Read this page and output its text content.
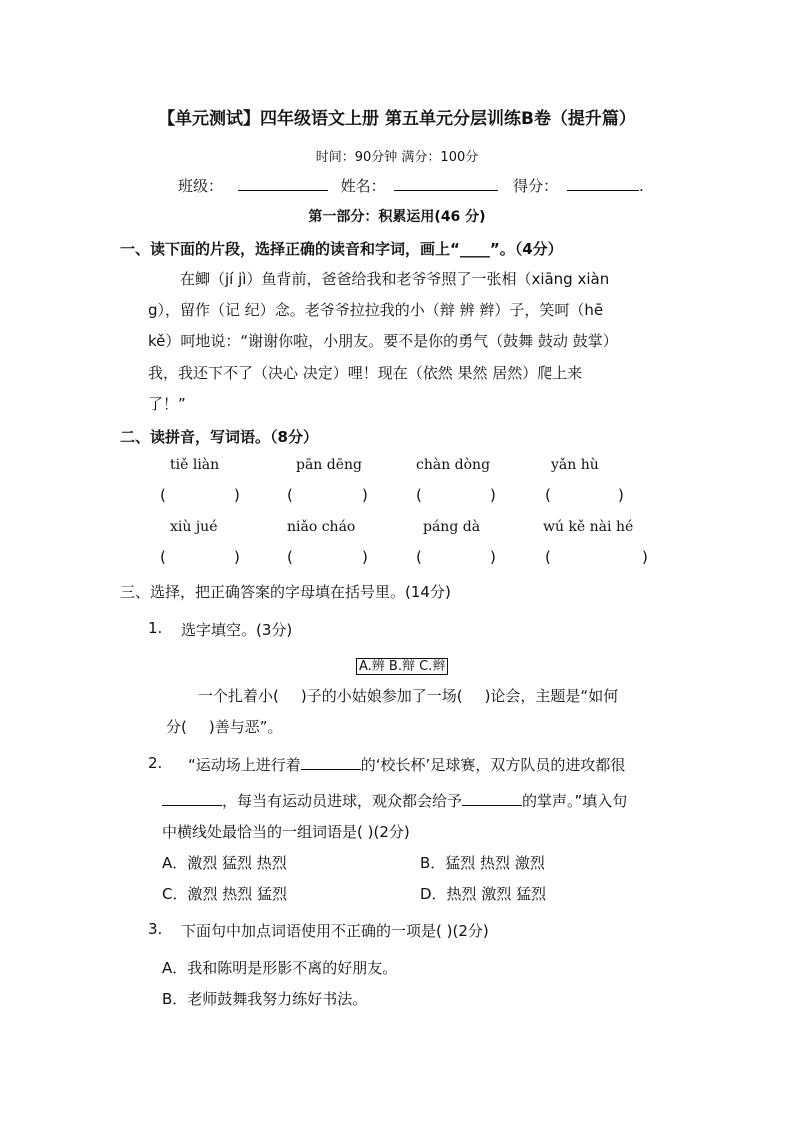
【单元测试】四年级语文上册 第五单元分层训练B卷（提升篇）
时间：90分钟 满分：100分
班级：	姓名：	得分：	.
第一部分：积累运用(46 分)
一、读下面的片段，选择正确的读音和字词，画上“____”。（4分）
在鲫（jí jì）鱼背前，爸爸给我和老爷爷照了一张相（xiāng xiàn
g），留作（记 纪）念。老爷爷拉拉我的小（辩 辨 辫）子，笑呵（hē
kě）呵地说：“谢谢你啦，小朋友。要不是你的勇气（鼓舞 鼓动 鼓掌）
我，我还下不了（决心 决定）哩！现在（依然 果然 居然）爬上来
了！”
二、读拼音，写词语。（8分）
tiě liàn	pān dēng	chàn dòng	yǎn hù
(	)	(	)	(	)	(	)
xiù jué	niǎo cháo	páng dà	wú kě nài hé
(	)	(	)	(	)	(	)
三、选择，把正确答案的字母填在括号里。(14分)
1. 选字填空。(3分)
A.辨 B.辩 C.辫
一个扎着小( )子的小姑娘参加了一场( )论会，主题是“如何
分( )善与恶”。
2. “运动场上进行着	的‘校长杯’足球赛，双方队员的进攻都很
，每当有运动员进球，观众都会给予	的掌声。”填入句
中横线处最恰当的一组词语是( )(2分)
A．激烈 猛烈 热烈	B．猛烈 热烈 激烈
C．激烈 热烈 猛烈	D．热烈 激烈 猛烈
3. 下面句中加点词语使用不正确的一项是( )(2分)
A．我和陈明是形影不离的好朋友。
B．老师鼓舞我努力练好书法。
